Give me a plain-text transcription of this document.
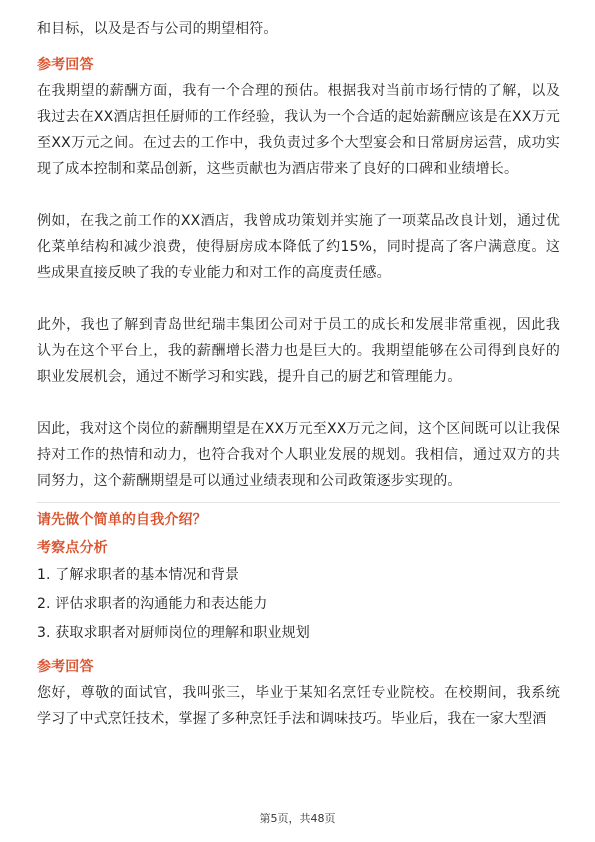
和目标，以及是否与公司的期望相符。

参考回答

在我期望的薪酬方面，我有一个合理的预估。根据我对当前市场行情的了解，以及我过去在XX酒店担任厨师的工作经验，我认为一个合适的起始薪酬应该是在XX万元至XX万元之间。在过去的工作中，我负责过多个大型宴会和日常厨房运营，成功实现了成本控制和菜品创新，这些贡献也为酒店带来了良好的口碑和业绩增长。

例如，在我之前工作的XX酒店，我曾成功策划并实施了一项菜品改良计划，通过优化菜单结构和减少浪费，使得厨房成本降低了约15%，同时提高了客户满意度。这些成果直接反映了我的专业能力和对工作的高度责任感。

此外，我也了解到青岛世纪瑞丰集团公司对于员工的成长和发展非常重视，因此我认为在这个平台上，我的薪酬增长潜力也是巨大的。我期望能够在公司得到良好的职业发展机会，通过不断学习和实践，提升自己的厨艺和管理能力。

因此，我对这个岗位的薪酬期望是在XX万元至XX万元之间，这个区间既可以让我保持对工作的热情和动力，也符合我对个人职业发展的规划。我相信，通过双方的共同努力，这个薪酬期望是可以通过业绩表现和公司政策逐步实现的。

请先做个简单的自我介绍？

考察点分析

1. 了解求职者的基本情况和背景

2. 评估求职者的沟通能力和表达能力

3. 获取求职者对厨师岗位的理解和职业规划

参考回答

您好，尊敬的面试官，我叫张三，毕业于某知名烹饪专业院校。在校期间，我系统学习了中式烹饪技术，掌握了多种烹饪手法和调味技巧。毕业后，我在一家大型酒

第5页，共48页
